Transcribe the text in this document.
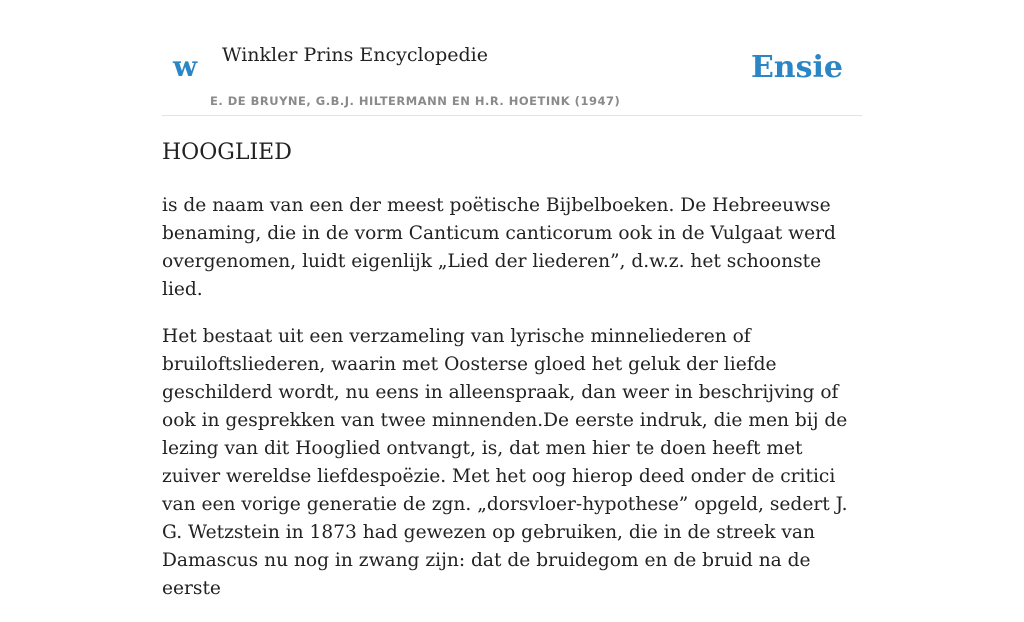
w Winkler Prins Encyclopedie
E. DE BRUYNE, G.B.J. HILTERMANN EN H.R. HOETINK (1947)
Ensie
HOOGLIED

is de naam van een der meest poëtische Bijbelboeken. De Hebreeuwse benaming, die in de vorm Canticum canticorum ook in de Vulgaat werd overgenomen, luidt eigenlijk „Lied der liederen”, d.w.z. het schoonste lied.

Het bestaat uit een verzameling van lyrische minneliederen of bruiloftsliederen, waarin met Oosterse gloed het geluk der liefde geschilderd wordt, nu eens in alleenspraak, dan weer in beschrijving of ook in gesprekken van twee minnenden.De eerste indruk, die men bij de lezing van dit Hooglied ontvangt, is, dat men hier te doen heeft met zuiver wereldse liefdespoëzie. Met het oog hierop deed onder de critici van een vorige generatie de zgn. „dorsvloer-hypothese” opgeld, sedert J. G. Wetzstein in 1873 had gewezen op gebruiken, die in de streek van Damascus nu nog in zwang zijn: dat de bruidegom en de bruid na de eerste
